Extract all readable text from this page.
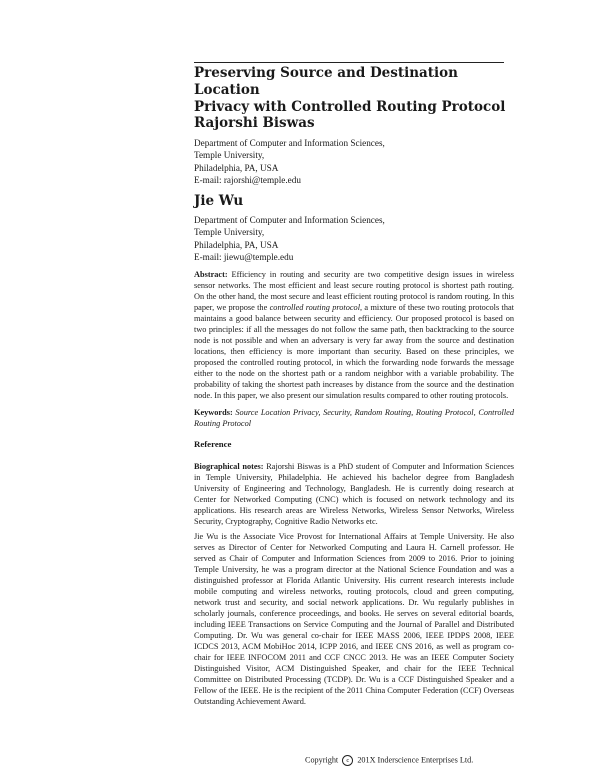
Preserving Source and Destination Location
Privacy with Controlled Routing Protocol
Rajorshi Biswas
Department of Computer and Information Sciences,
Temple University,
Philadelphia, PA, USA
E-mail: rajorshi@temple.edu
Jie Wu
Department of Computer and Information Sciences,
Temple University,
Philadelphia, PA, USA
E-mail: jiewu@temple.edu

Abstract: Efficiency in routing and security are two competitive design issues in wireless sensor networks. The most efficient and least secure routing protocol is shortest path routing. On the other hand, the most secure and least efficient routing protocol is random routing. In this paper, we propose the controlled routing protocol, a mixture of these two routing protocols that maintains a good balance between security and efficiency. Our proposed protocol is based on two principles: if all the messages do not follow the same path, then backtracking to the source node is not possible and when an adversary is very far away from the source and destination locations, then efficiency is more important than security. Based on these principles, we proposed the controlled routing protocol, in which the forwarding node forwards the message either to the node on the shortest path or a random neighbor with a variable probability. The probability of taking the shortest path increases by distance from the source and the destination node. In this paper, we also present our simulation results compared to other routing protocols.

Keywords: Source Location Privacy, Security, Random Routing, Routing Protocol, Controlled Routing Protocol

Reference

Biographical notes: Rajorshi Biswas is a PhD student of Computer and Information Sciences in Temple University, Philadelphia. He achieved his bachelor degree from Bangladesh University of Engineering and Technology, Bangladesh. He is currently doing research at Center for Networked Computing (CNC) which is focused on network technology and its applications. His research areas are Wireless Networks, Wireless Sensor Networks, Wireless Security, Cryptography, Cognitive Radio Networks etc.

Jie Wu is the Associate Vice Provost for International Affairs at Temple University. He also serves as Director of Center for Networked Computing and Laura H. Carnell professor. He served as Chair of Computer and Information Sciences from 2009 to 2016. Prior to joining Temple University, he was a program director at the National Science Foundation and was a distinguished professor at Florida Atlantic University. His current research interests include mobile computing and wireless networks, routing protocols, cloud and green computing, network trust and security, and social network applications. Dr. Wu regularly publishes in scholarly journals, conference proceedings, and books. He serves on several editorial boards, including IEEE Transactions on Service Computing and the Journal of Parallel and Distributed Computing. Dr. Wu was general co-chair for IEEE MASS 2006, IEEE IPDPS 2008, IEEE ICDCS 2013, ACM MobiHoc 2014, ICPP 2016, and IEEE CNS 2016, as well as program co-chair for IEEE INFOCOM 2011 and CCF CNCC 2013. He was an IEEE Computer Society Distinguished Visitor, ACM Distinguished Speaker, and chair for the IEEE Technical Committee on Distributed Processing (TCDP). Dr. Wu is a CCF Distinguished Speaker and a Fellow of the IEEE. He is the recipient of the 2011 China Computer Federation (CCF) Overseas Outstanding Achievement Award.

Copyright c 201X Inderscience Enterprises Ltd.
